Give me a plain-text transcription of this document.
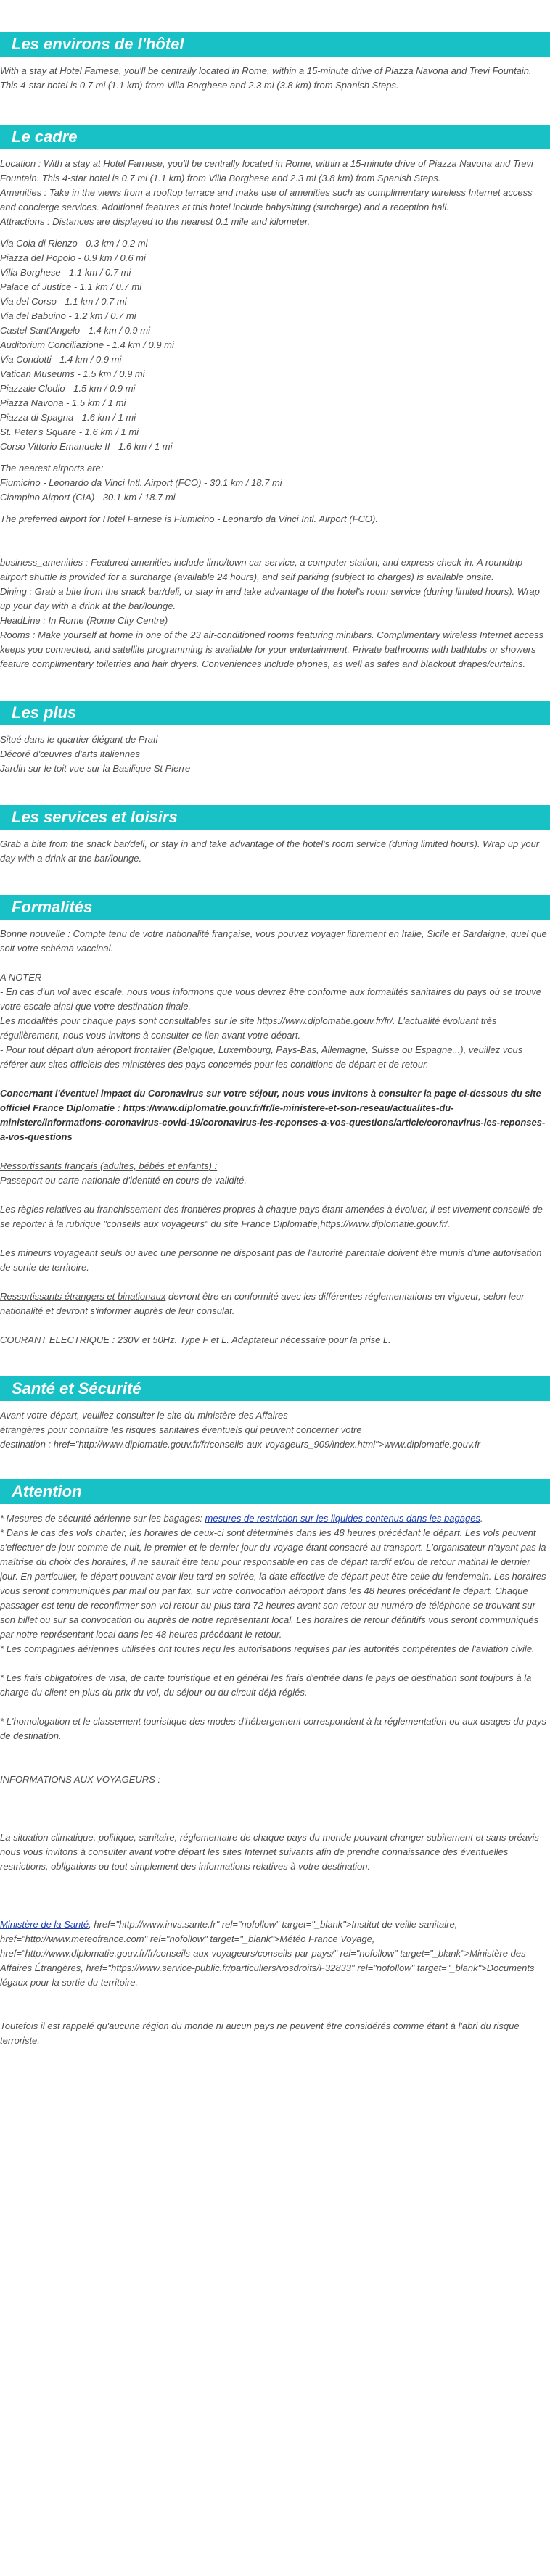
Les environs de l'hôtel

With a stay at Hotel Farnese, you'll be centrally located in Rome, within a 15-minute drive of Piazza Navona and Trevi Fountain. This 4-star hotel is 0.7 mi (1.1 km) from Villa Borghese and 2.3 mi (3.8 km) from Spanish Steps.

Le cadre

Location : With a stay at Hotel Farnese, you'll be centrally located in Rome, within a 15-minute drive of Piazza Navona and Trevi Fountain. This 4-star hotel is 0.7 mi (1.1 km) from Villa Borghese and 2.3 mi (3.8 km) from Spanish Steps.

Amenities : Take in the views from a rooftop terrace and make use of amenities such as complimentary wireless Internet access and concierge services. Additional features at this hotel include babysitting (surcharge) and a reception hall.

Attractions : Distances are displayed to the nearest 0.1 mile and kilometer.

Via Cola di Rienzo - 0.3 km / 0.2 mi

Piazza del Popolo - 0.9 km / 0.6 mi

Villa Borghese - 1.1 km / 0.7 mi

Palace of Justice - 1.1 km / 0.7 mi

Via del Corso - 1.1 km / 0.7 mi

Via del Babuino - 1.2 km / 0.7 mi

Castel Sant'Angelo - 1.4 km / 0.9 mi

Auditorium Conciliazione - 1.4 km / 0.9 mi

Via Condotti - 1.4 km / 0.9 mi

Vatican Museums - 1.5 km / 0.9 mi

Piazzale Clodio - 1.5 km / 0.9 mi

Piazza Navona - 1.5 km / 1 mi

Piazza di Spagna - 1.6 km / 1 mi

St. Peter's Square - 1.6 km / 1 mi

Corso Vittorio Emanuele II - 1.6 km / 1 mi

The nearest airports are:

Fiumicino - Leonardo da Vinci Intl. Airport (FCO) - 30.1 km / 18.7 mi

Ciampino Airport (CIA) - 30.1 km / 18.7 mi

The preferred airport for Hotel Farnese is Fiumicino - Leonardo da Vinci Intl. Airport (FCO).

business_amenities : Featured amenities include limo/town car service, a computer station, and express check-in. A roundtrip airport shuttle is provided for a surcharge (available 24 hours), and self parking (subject to charges) is available onsite.

Dining : Grab a bite from the snack bar/deli, or stay in and take advantage of the hotel's room service (during limited hours). Wrap up your day with a drink at the bar/lounge.

HeadLine : In Rome (Rome City Centre)

Rooms : Make yourself at home in one of the 23 air-conditioned rooms featuring minibars. Complimentary wireless Internet access keeps you connected, and satellite programming is available for your entertainment. Private bathrooms with bathtubs or showers feature complimentary toiletries and hair dryers. Conveniences include phones, as well as safes and blackout drapes/curtains.

Les plus

Situé dans le quartier élégant de Prati

Décoré d'œuvres d'arts italiennes

Jardin sur le toit vue sur la Basilique St Pierre

Les services et loisirs

Grab a bite from the snack bar/deli, or stay in and take advantage of the hotel's room service (during limited hours). Wrap up your day with a drink at the bar/lounge.

Formalités

Bonne nouvelle : Compte tenu de votre nationalité française, vous pouvez voyager librement en Italie, Sicile et Sardaigne, quel que soit votre schéma vaccinal.

A NOTER

- En cas d'un vol avec escale, nous vous informons que vous devrez être conforme aux formalités sanitaires du pays où se trouve votre escale ainsi que votre destination finale.

Les modalités pour chaque pays sont consultables sur le site https://www.diplomatie.gouv.fr/fr/. L'actualité évoluant très régulièrement, nous vous invitons à consulter ce lien avant votre départ.

- Pour tout départ d'un aéroport frontalier (Belgique, Luxembourg, Pays-Bas, Allemagne, Suisse ou Espagne...), veuillez vous référer aux sites officiels des ministères des pays concernés pour les conditions de départ et de retour.

Concernant l'éventuel impact du Coronavirus sur votre séjour, nous vous invitons à consulter la page ci-dessous du site officiel France Diplomatie : https://www.diplomatie.gouv.fr/fr/le-ministere-et-son-reseau/actualites-du-ministere/informations-coronavirus-covid-19/coronavirus-les-reponses-a-vos-questions/article/coronavirus-les-reponses-a-vos-questions

Ressortissants français (adultes, bébés et enfants) :

Passeport ou carte nationale d'identité en cours de validité.

Les règles relatives au franchissement des frontières propres à chaque pays étant amenées à évoluer, il est vivement conseillé de se reporter à la rubrique "conseils aux voyageurs" du site France Diplomatie,https://www.diplomatie.gouv.fr/.

Les mineurs voyageant seuls ou avec une personne ne disposant pas de l'autorité parentale doivent être munis d'une autorisation de sortie de territoire.

Ressortissants étrangers et binationaux devront être en conformité avec les différentes réglementations en vigueur, selon leur nationalité et devront s'informer auprès de leur consulat.

COURANT ELECTRIQUE : 230V et 50Hz. Type F et L. Adaptateur nécessaire pour la prise L.

Santé et Sécurité

Avant votre départ, veuillez consulter le site du ministère des Affaires

étrangères pour connaître les risques sanitaires éventuels qui peuvent concerner votre

destination : href="http://www.diplomatie.gouv.fr/fr/conseils-aux-voyageurs_909/index.html">www.diplomatie.gouv.fr

Attention

* Mesures de sécurité aérienne sur les bagages: mesures de restriction sur les liquides contenus dans les bagages.

* Dans le cas des vols charter, les horaires de ceux-ci sont déterminés dans les 48 heures précédant le départ. Les vols peuvent s'effectuer de jour comme de nuit, le premier et le dernier jour du voyage étant consacré au transport. L'organisateur n'ayant pas la maîtrise du choix des horaires, il ne saurait être tenu pour responsable en cas de départ tardif et/ou de retour matinal le dernier jour. En particulier, le départ pouvant avoir lieu tard en soirée, la date effective de départ peut être celle du lendemain. Les horaires vous seront communiqués par mail ou par fax, sur votre convocation aéroport dans les 48 heures précédant le départ. Chaque passager est tenu de reconfirmer son vol retour au plus tard 72 heures avant son retour au numéro de téléphone se trouvant sur son billet ou sur sa convocation ou auprès de notre représentant local. Les horaires de retour définitifs vous seront communiqués par notre représentant local dans les 48 heures précédant le retour.

* Les compagnies aériennes utilisées ont toutes reçu les autorisations requises par les autorités compétentes de l'aviation civile.

* Les frais obligatoires de visa, de carte touristique et en général les frais d'entrée dans le pays de destination sont toujours à la charge du client en plus du prix du vol, du séjour ou du circuit déjà réglés.

* L'homologation et le classement touristique des modes d'hébergement correspondent à la réglementation ou aux usages du pays de destination.

INFORMATIONS AUX VOYAGEURS :

La situation climatique, politique, sanitaire, réglementaire de chaque pays du monde pouvant changer subitement et sans préavis

nous vous invitons à consulter avant votre départ les sites Internet suivants afin de prendre connaissance des éventuelles restrictions, obligations ou tout simplement des informations relatives à votre destination.

Ministère de la Santé, href="http://www.invs.sante.fr" rel="nofollow" target="_blank">Institut de veille sanitaire, href="http://www.meteofrance.com" rel="nofollow" target="_blank">Météo France Voyage, href="http://www.diplomatie.gouv.fr/fr/conseils-aux-voyageurs/conseils-par-pays/" rel="nofollow" target="_blank">Ministère des Affaires Étrangères, href="https://www.service-public.fr/particuliers/vosdroits/F32833" rel="nofollow" target="_blank">Documents légaux pour la sortie du territoire.

Toutefois il est rappelé qu'aucune région du monde ni aucun pays ne peuvent être considérés comme étant à l'abri du risque terroriste.
